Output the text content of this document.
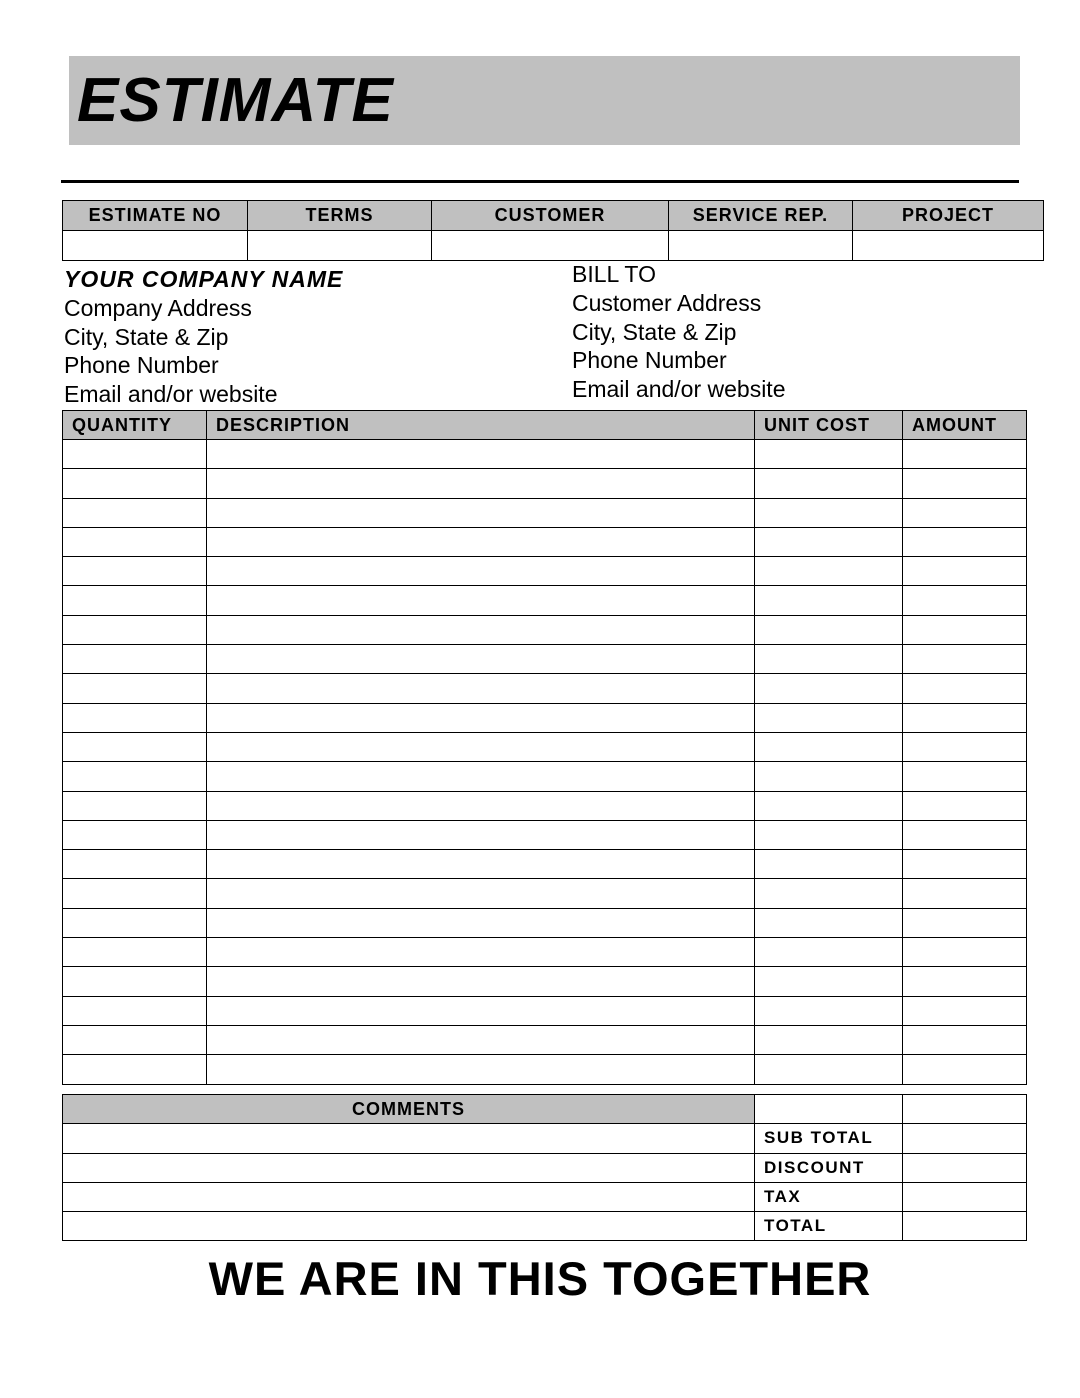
ESTIMATE
ESTIMATE NO	TERMS	CUSTOMER	SERVICE REP.	PROJECT

YOUR COMPANY NAME
Company Address
City, State & Zip
Phone Number
Email and/or website
BILL TO
Customer Address
City, State & Zip
Phone Number
Email and/or website
QUANTITY	DESCRIPTION	UNIT COST	AMOUNT

COMMENTS		
	SUB TOTAL	
	DISCOUNT	
	TAX	
	TOTAL	
WE ARE IN THIS TOGETHER
